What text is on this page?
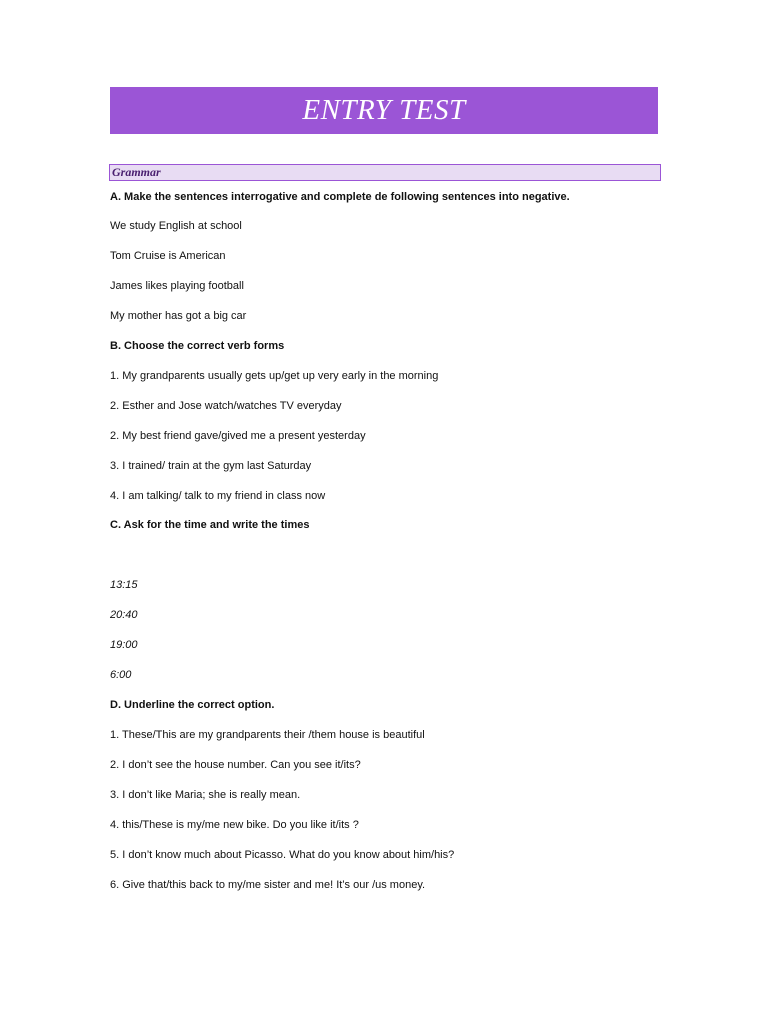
ENTRY TEST
Grammar
A. Make the sentences interrogative and complete de following sentences into negative.
We study English at school
Tom Cruise is American
James likes playing football
My mother has got a big car
B. Choose the correct verb forms
1. My grandparents usually gets up/get up very early in the morning
2. Esther and Jose watch/watches TV everyday
2. My best friend gave/gived me a present yesterday
3. I trained/ train at the gym last Saturday
4. I am talking/ talk to my friend in class now
C. Ask for the time and write the times
13:15
20:40
19:00
6:00
D. Underline the correct option.
1. These/This are my grandparents their /them house is beautiful
2. I don’t see the house number. Can you see it/its?
3. I don’t like Maria; she is really mean.
4. this/These is my/me new bike. Do you like it/its ?
5. I don’t know much about Picasso. What do you know about him/his?
6. Give that/this back to my/me sister and me! It’s our /us money.
